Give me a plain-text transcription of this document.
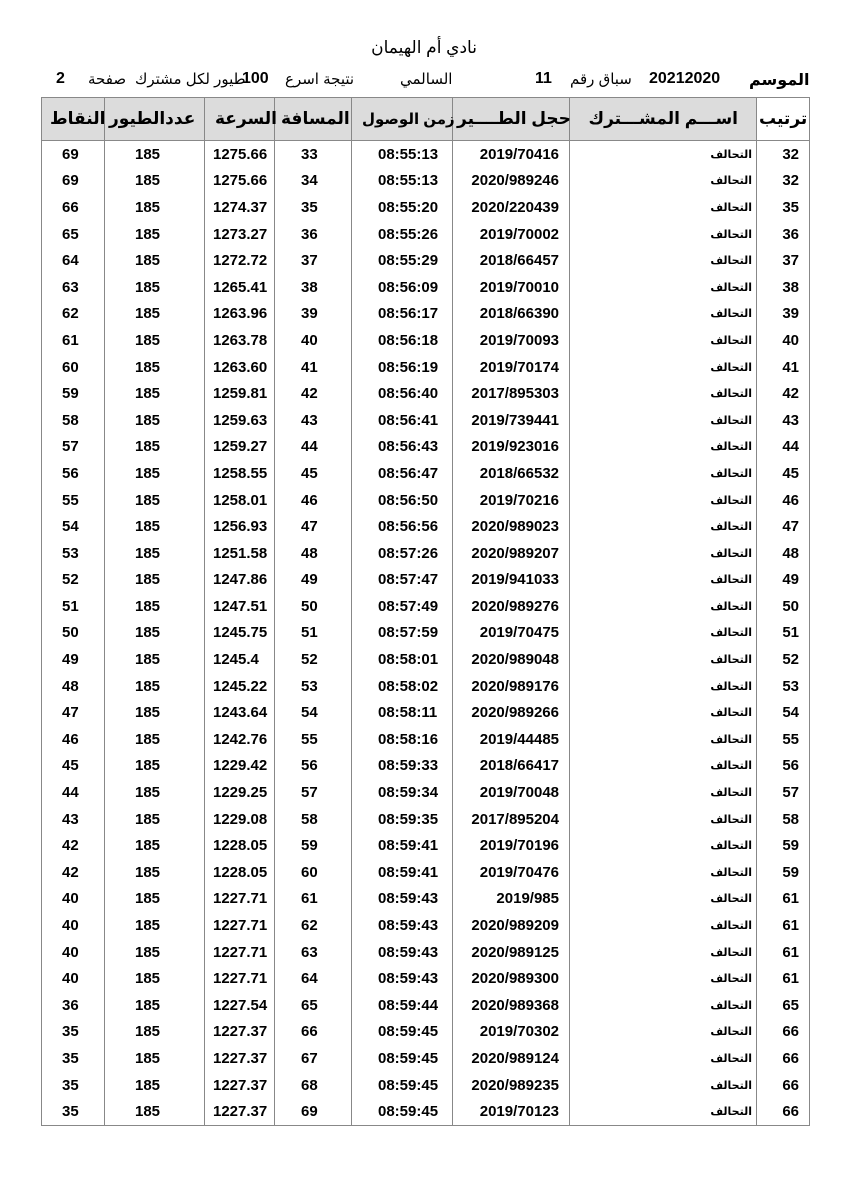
نادي أم الهيمان
2 صفحة طيور لكل مشترك
100 نتيجة اسرع	السالمي	11 سباق رقم 20212020 الموسم
النقاط	عددالطيور	السرعة	المسافة	زمن الوصول	حجل الطــــير	اســـم المشـــترك	ترتيب
69	185	1275.66	33	08:55:13	2019/70416	التحالف	32
69	185	1275.66	34	08:55:13	2020/989246	التحالف	32
66	185	1274.37	35	08:55:20	2020/220439	التحالف	35
65	185	1273.27	36	08:55:26	2019/70002	التحالف	36
64	185	1272.72	37	08:55:29	2018/66457	التحالف	37
63	185	1265.41	38	08:56:09	2019/70010	التحالف	38
62	185	1263.96	39	08:56:17	2018/66390	التحالف	39
61	185	1263.78	40	08:56:18	2019/70093	التحالف	40
60	185	1263.60	41	08:56:19	2019/70174	التحالف	41
59	185	1259.81	42	08:56:40	2017/895303	التحالف	42
58	185	1259.63	43	08:56:41	2019/739441	التحالف	43
57	185	1259.27	44	08:56:43	2019/923016	التحالف	44
56	185	1258.55	45	08:56:47	2018/66532	التحالف	45
55	185	1258.01	46	08:56:50	2019/70216	التحالف	46
54	185	1256.93	47	08:56:56	2020/989023	التحالف	47
53	185	1251.58	48	08:57:26	2020/989207	التحالف	48
52	185	1247.86	49	08:57:47	2019/941033	التحالف	49
51	185	1247.51	50	08:57:49	2020/989276	التحالف	50
50	185	1245.75	51	08:57:59	2019/70475	التحالف	51
49	185	1245.4	52	08:58:01	2020/989048	التحالف	52
48	185	1245.22	53	08:58:02	2020/989176	التحالف	53
47	185	1243.64	54	08:58:11	2020/989266	التحالف	54
46	185	1242.76	55	08:58:16	2019/44485	التحالف	55
45	185	1229.42	56	08:59:33	2018/66417	التحالف	56
44	185	1229.25	57	08:59:34	2019/70048	التحالف	57
43	185	1229.08	58	08:59:35	2017/895204	التحالف	58
42	185	1228.05	59	08:59:41	2019/70196	التحالف	59
42	185	1228.05	60	08:59:41	2019/70476	التحالف	59
40	185	1227.71	61	08:59:43	2019/985	التحالف	61
40	185	1227.71	62	08:59:43	2020/989209	التحالف	61
40	185	1227.71	63	08:59:43	2020/989125	التحالف	61
40	185	1227.71	64	08:59:43	2020/989300	التحالف	61
36	185	1227.54	65	08:59:44	2020/989368	التحالف	65
35	185	1227.37	66	08:59:45	2019/70302	التحالف	66
35	185	1227.37	67	08:59:45	2020/989124	التحالف	66
35	185	1227.37	68	08:59:45	2020/989235	التحالف	66
35	185	1227.37	69	08:59:45	2019/70123	التحالف	66
